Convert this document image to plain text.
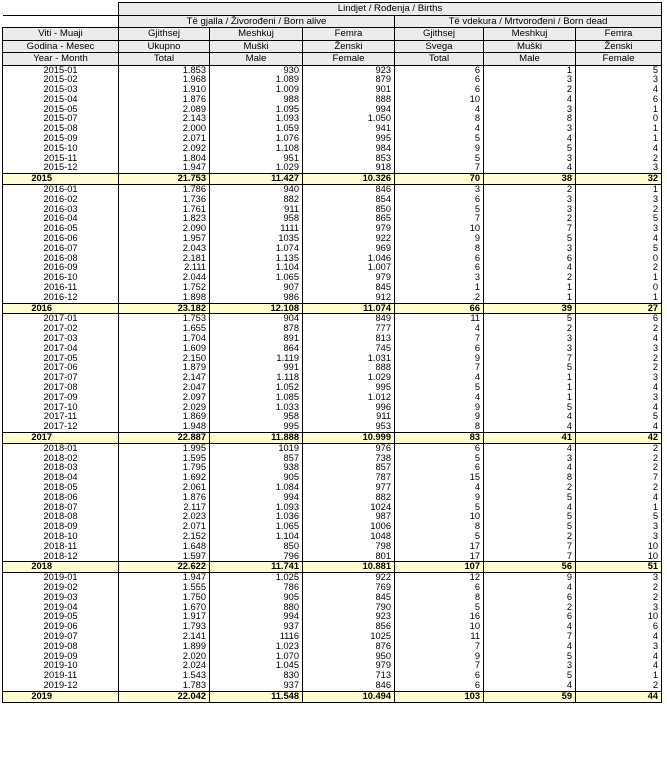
	Lindjet / Rođenja / Births					
	Të gjalla / Živorođeni / Born alive			Të vdekura / Mrtvorođeni / Born dead		
Viti - Muaji	Gjithsej	Meshkuj	Femra	Gjithsej	Meshkuj	Femra
Godina - Mesec	Ukupno	Muški	Ženski	Svega	Muški	Ženski
Year - Month	Total	Male	Female	Total	Male	Female
2015-01	1.853	930	923	6	1	5
2015-02	1.968	1.089	879	6	3	3
2015-03	1.910	1.009	901	6	2	4
2015-04	1.876	988	888	10	4	6
2015-05	2.089	1.095	994	4	3	1
2015-07	2.143	1.093	1.050	8	8	0
2015-08	2.000	1.059	941	4	3	1
2015-09	2.071	1.076	995	5	4	1
2015-10	2.092	1.108	984	9	5	4
2015-11	1.804	951	853	5	3	2
2015-12	1.947	1.029	918	7	4	3
2015	21.753	11.427	10.326	70	38	32
2016-01	1.786	940	846	3	2	1
2016-02	1.736	882	854	6	3	3
2016-03	1.761	911	850	5	3	2
2016-04	1.823	958	865	7	2	5
2016-05	2.090	1111	979	10	7	3
2016-06	1.957	1035	922	9	5	4
2016-07	2.043	1.074	969	8	3	5
2016-08	2.181	1.135	1.046	6	6	0
2016-09	2.111	1.104	1.007	6	4	2
2016-10	2.044	1.065	979	3	2	1
2016-11	1.752	907	845	1	1	0
2016-12	1.898	986	912	2	1	1
2016	23.182	12.108	11.074	66	39	27
2017-01	1.753	904	849	11	5	6
2017-02	1.655	878	777	4	2	2
2017-03	1.704	891	813	7	3	4
2017-04	1.609	864	745	6	3	3
2017-05	2.150	1.119	1.031	9	7	2
2017-06	1.879	991	888	7	5	2
2017-07	2.147	1.118	1.029	4	1	3
2017-08	2.047	1.052	995	5	1	4
2017-09	2.097	1.085	1.012	4	1	3
2017-10	2.029	1.033	996	9	5	4
2017-11	1.869	958	911	9	4	5
2017-12	1.948	995	953	8	4	4
2017	22.887	11.888	10.999	83	41	42
2018-01	1.995	1019	976	6	4	2
2018-02	1.595	857	738	5	3	2
2018-03	1.795	938	857	6	4	2
2018-04	1.692	905	787	15	8	7
2018-05	2.061	1.084	977	4	2	2
2018-06	1.876	994	882	9	5	4
2018-07	2.117	1.093	1024	5	4	1
2018-08	2.023	1.036	987	10	5	5
2018-09	2.071	1.065	1006	8	5	3
2018-10	2.152	1.104	1048	5	2	3
2018-11	1.648	850	798	17	7	10
2018-12	1.597	796	801	17	7	10
2018	22.622	11.741	10.881	107	56	51
2019-01	1.947	1.025	922	12	9	3
2019-02	1.555	786	769	6	4	2
2019-03	1.750	905	845	8	6	2
2019-04	1.670	880	790	5	2	3
2019-05	1.917	994	923	16	6	10
2019-06	1.793	937	856	10	4	6
2019-07	2.141	1116	1025	11	7	4
2019-08	1.899	1.023	876	7	4	3
2019-09	2.020	1.070	950	9	5	4
2019-10	2.024	1.045	979	7	3	4
2019-11	1.543	830	713	6	5	1
2019-12	1.783	937	846	6	4	2
2019	22.042	11.548	10.494	103	59	44
